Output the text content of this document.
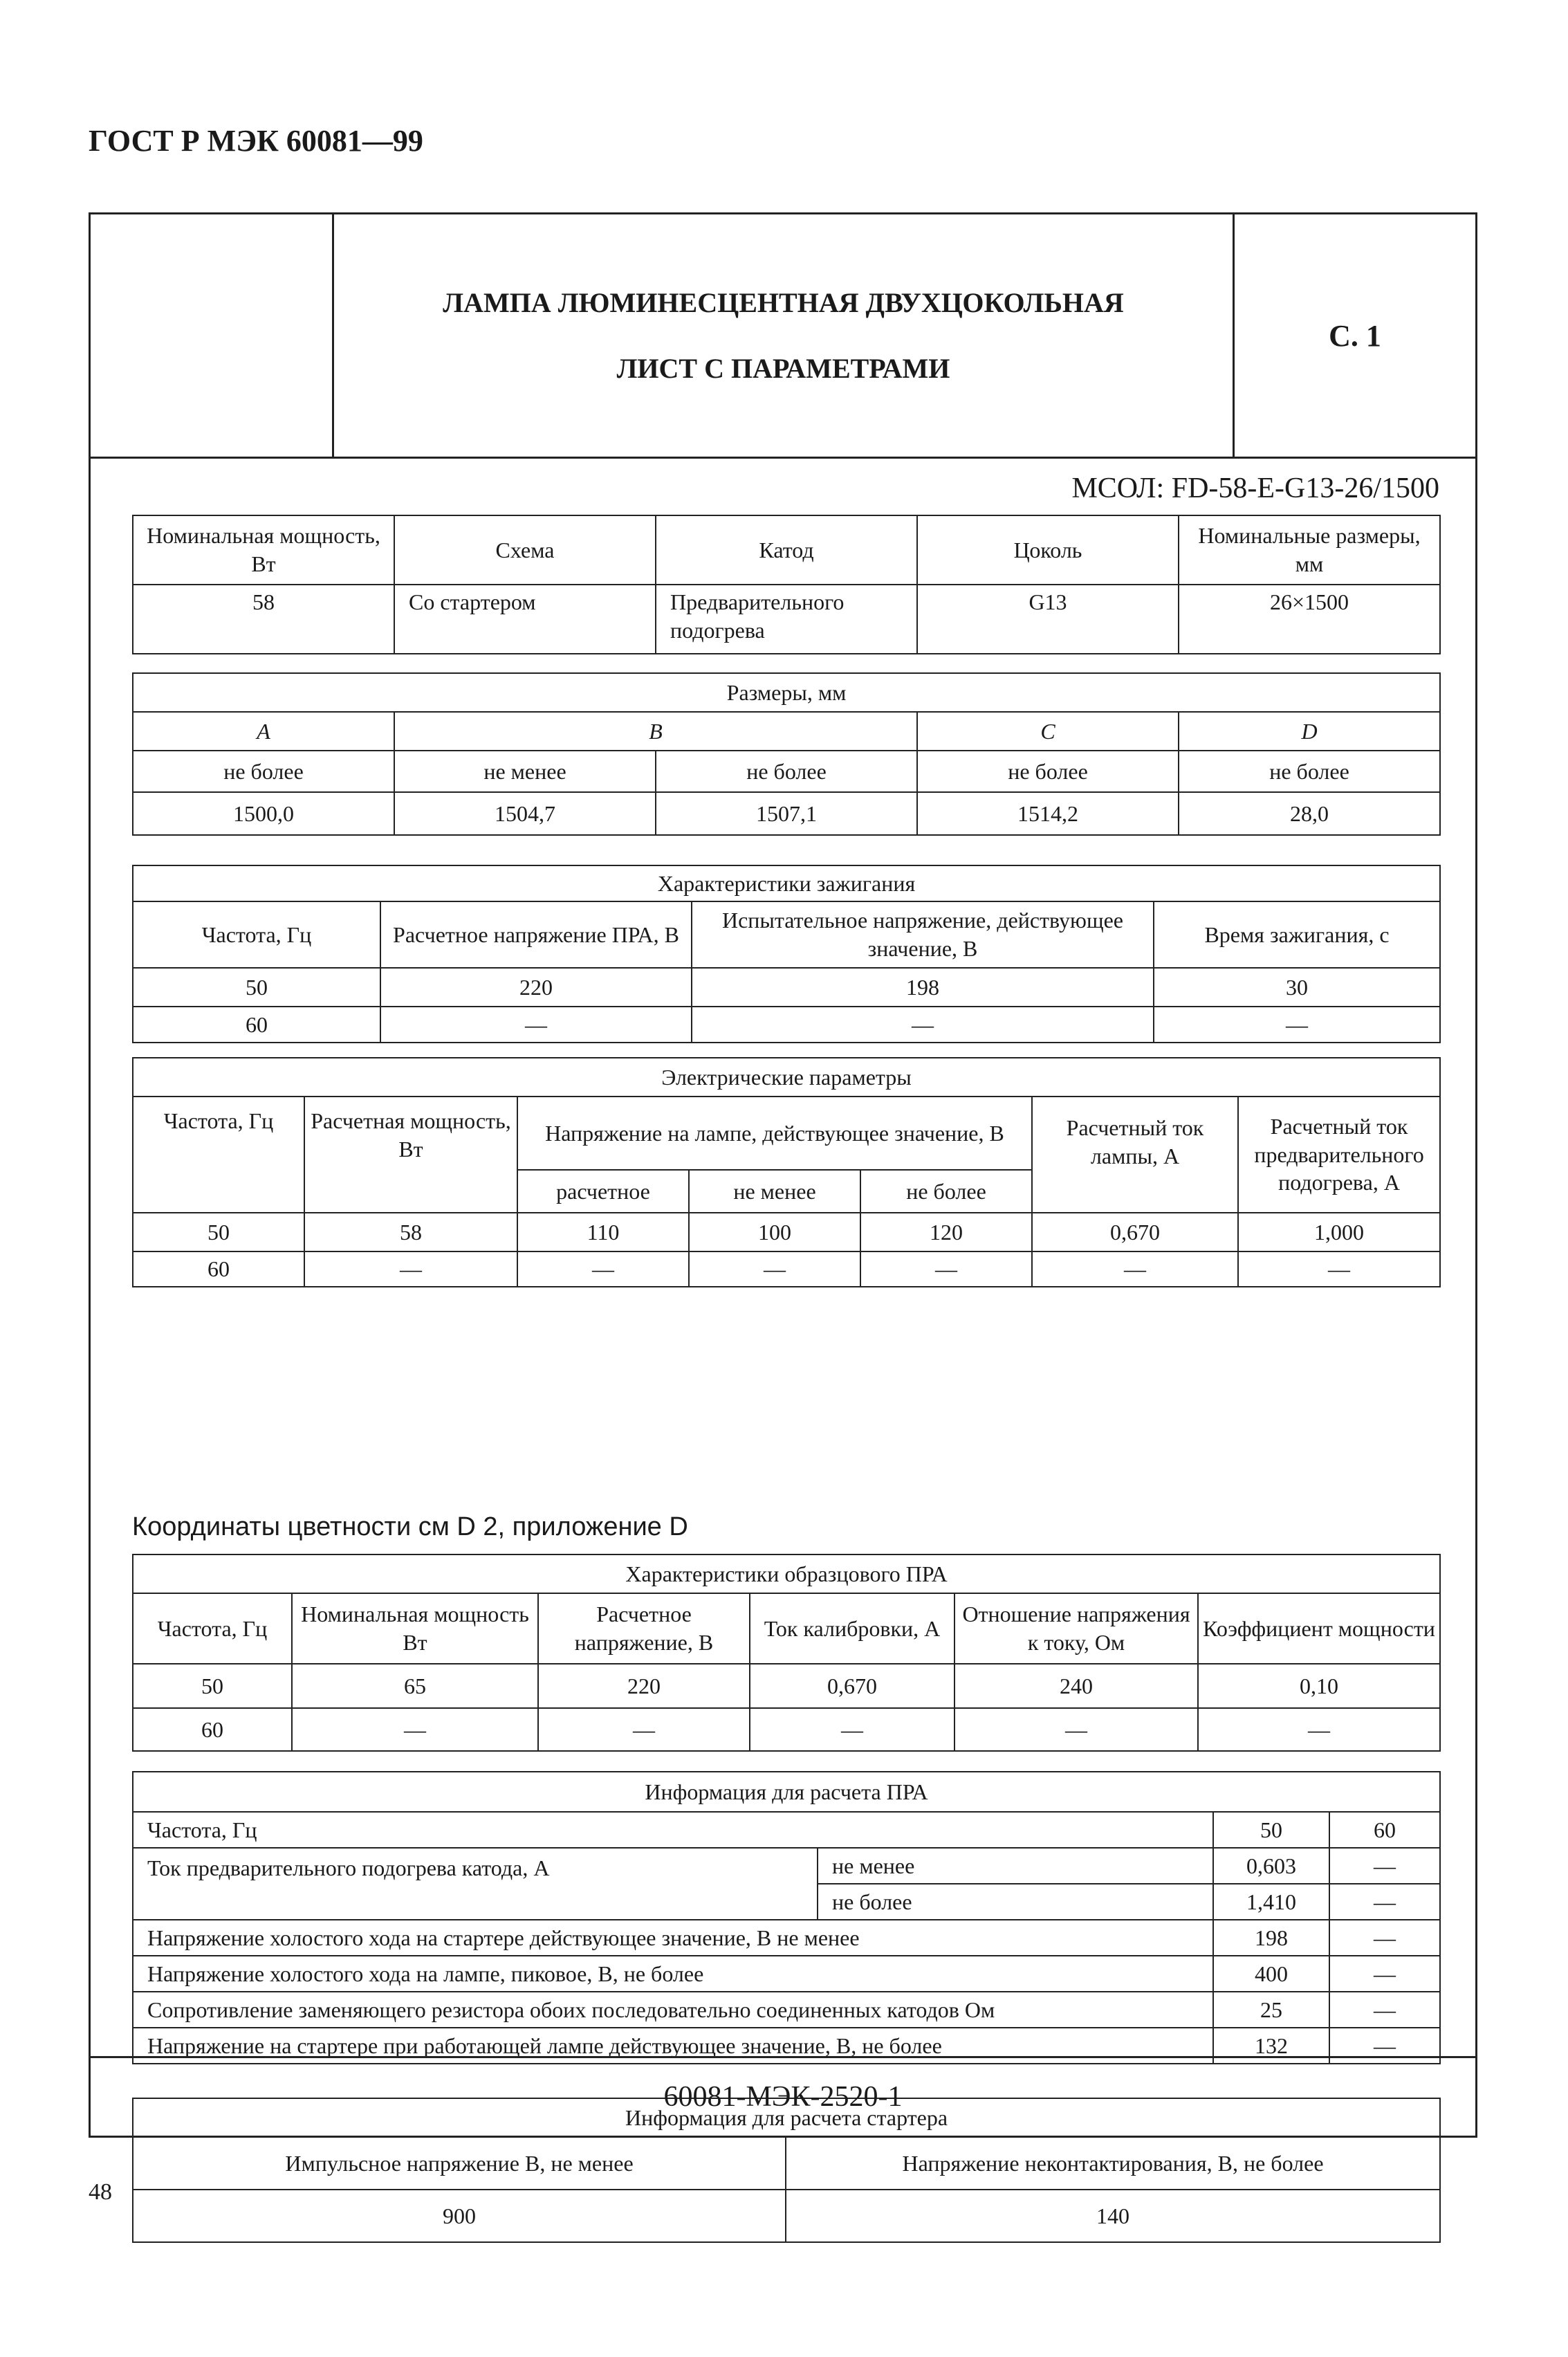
ГОСТ Р МЭК 60081—99
ЛАМПА ЛЮМИНЕСЦЕНТНАЯ ДВУХЦОКОЛЬНАЯ
ЛИСТ С ПАРАМЕТРАМИ
С. 1
МСОЛ: FD-58-E-G13-26/1500
Номинальная мощность, Вт	Схема	Катод	Цоколь	Номинальные размеры, мм
58	Со стартером	Предварительного подогрева	G13	26×1500
Размеры, мм				
A	B		C	D
не более	не менее	не более	не более	не более
1500,0	1504,7	1507,1	1514,2	28,0
Характеристики зажигания			
Частота, Гц	Расчетное напряжение ПРА, В	Испытательное напряжение, действующее значение, В	Время зажигания, с
50	220	198	30
60	—	—	—
Электрические параметры						
Частота, Гц	Расчетная мощность, Вт	Напряжение на лампе, действующее значение, В			Расчетный ток лампы, А	Расчетный ток предварительного подогрева, А
		расчетное	не менее	не более		
50	58	110	100	120	0,670	1,000
60	—	—	—	—	—	—
Координаты цветности см D 2, приложение D
Характеристики образцового ПРА					
Частота, Гц	Номинальная мощность Вт	Расчетное напряжение, В	Ток калибровки, А	Отношение напряжения к току, Ом	Коэффициент мощности
50	65	220	0,670	240	0,10
60	—	—	—	—	—
Информация для расчета ПРА			
Частота, Гц		50	60
Ток предварительного подогрева катода, А	не менее	0,603	—
	не более	1,410	—
Напряжение холостого хода на стартере действующее значение, В не менее		198	—
Напряжение холостого хода на лампе, пиковое, В, не более		400	—
Сопротивление заменяющего резистора обоих последовательно соединенных катодов Ом		25	—
Напряжение на стартере при работающей лампе действующее значение, В, не более		132	—
Информация для расчета стартера	
Импульсное напряжение В, не менее	Напряжение неконтактирования, В, не более
900	140
60081-МЭК-2520-1
48
